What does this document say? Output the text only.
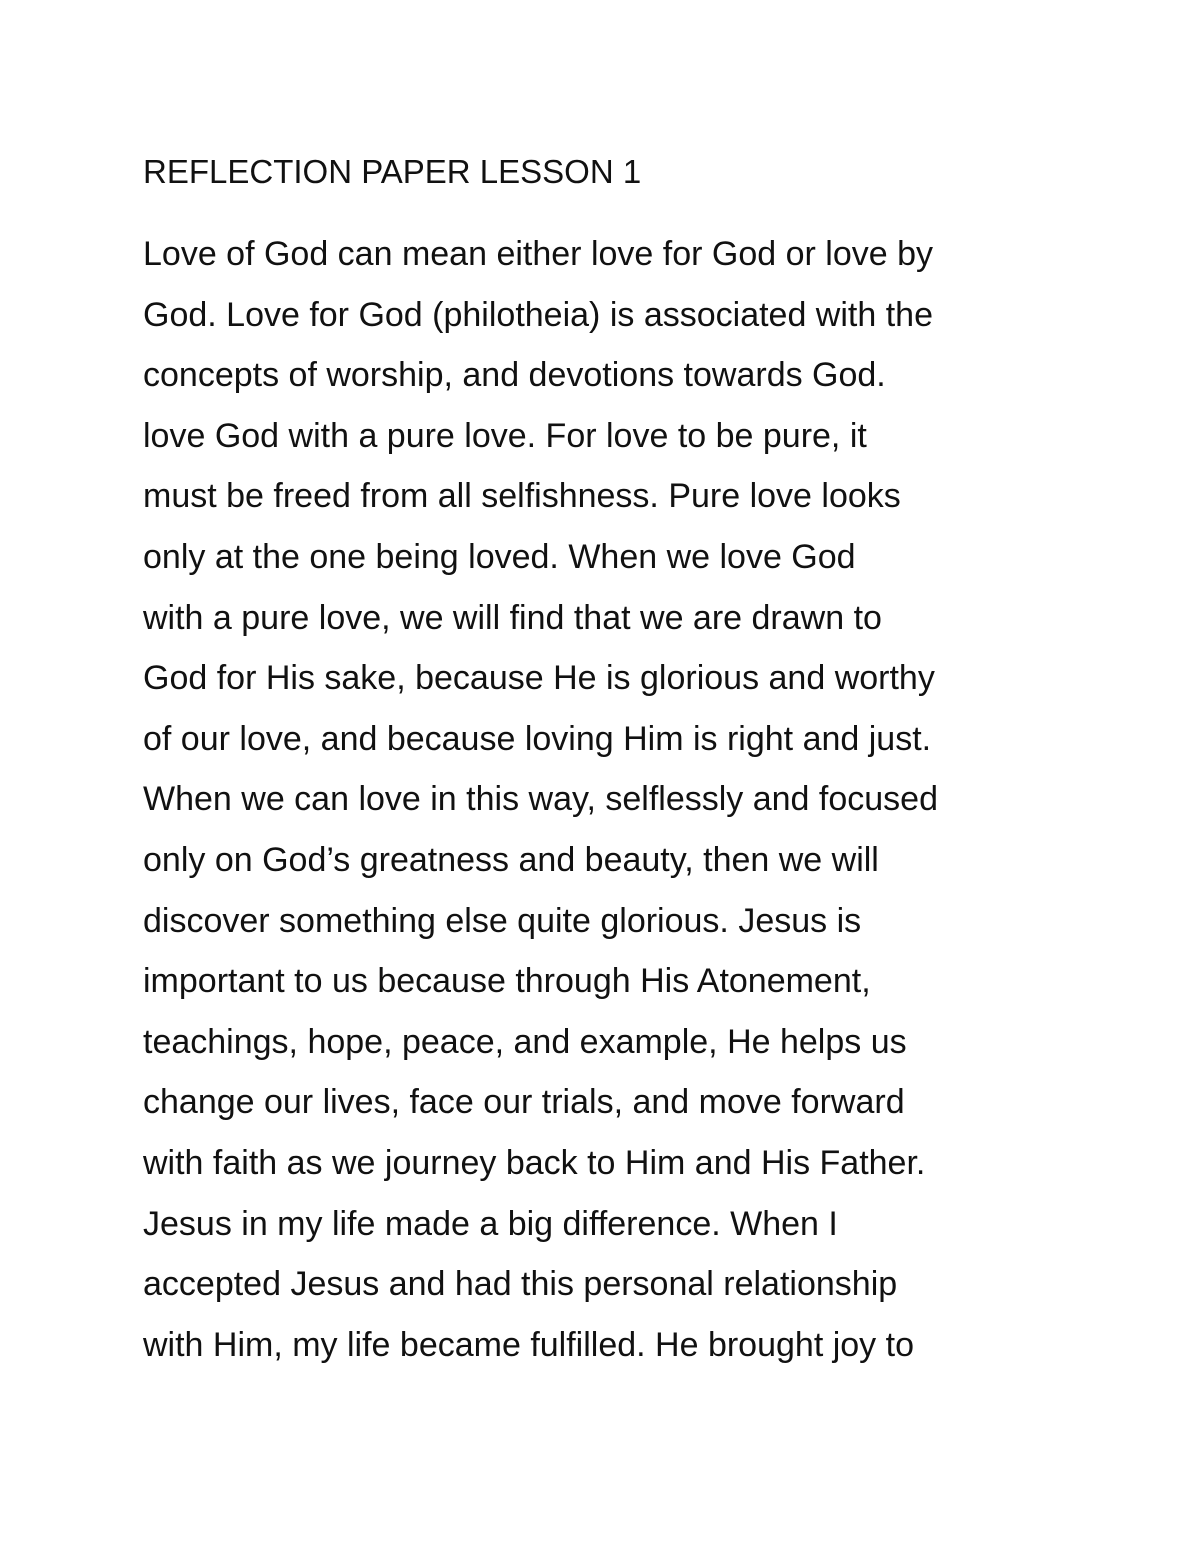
REFLECTION PAPER LESSON 1
Love of God can mean either love for God or love by
God. Love for God (philotheia) is associated with the
concepts of worship, and devotions towards God.
love God with a pure love. For love to be pure, it
must be freed from all selfishness. Pure love looks
only at the one being loved. When we love God
with a pure love, we will find that we are drawn to
God for His sake, because He is glorious and worthy
of our love, and because loving Him is right and just.
When we can love in this way, selflessly and focused
only on God’s greatness and beauty, then we will
discover something else quite glorious. Jesus is
important to us because through His Atonement,
teachings, hope, peace, and example, He helps us
change our lives, face our trials, and move forward
with faith as we journey back to Him and His Father.
Jesus in my life made a big difference. When I
accepted Jesus and had this personal relationship
with Him, my life became fulfilled. He brought joy to
